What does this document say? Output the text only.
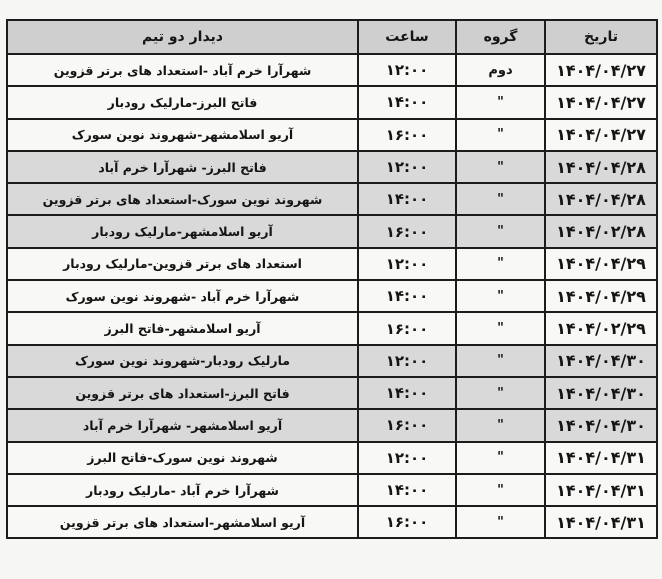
تاریخ	گروه	ساعت	دیدار دو تیم
۱۴۰۴/۰۴/۲۷	دوم	۱۲:۰۰	شهرآرا خرم آباد -استعداد های برتر قزوین
۱۴۰۴/۰۴/۲۷	"	۱۴:۰۰	فاتح البرز-مارلیک رودبار
۱۴۰۴/۰۴/۲۷	"	۱۶:۰۰	آریو اسلامشهر-شهروند نوین سورک
۱۴۰۴/۰۴/۲۸	"	۱۲:۰۰	فاتح البرز- شهرآرا خرم آباد
۱۴۰۴/۰۴/۲۸	"	۱۴:۰۰	شهروند نوین سورک-استعداد های برتر قزوین
۱۴۰۴/۰۲/۲۸	"	۱۶:۰۰	آریو اسلامشهر-مارلیک رودبار
۱۴۰۴/۰۴/۲۹	"	۱۲:۰۰	استعداد های برتر قزوین-مارلیک رودبار
۱۴۰۴/۰۴/۲۹	"	۱۴:۰۰	شهرآرا خرم آباد -شهروند نوین سورک
۱۴۰۴/۰۲/۲۹	"	۱۶:۰۰	آریو اسلامشهر-فاتح البرز
۱۴۰۴/۰۴/۳۰	"	۱۲:۰۰	مارلیک رودبار-شهروند نوین سورک
۱۴۰۴/۰۴/۳۰	"	۱۴:۰۰	فاتح البرز-استعداد های برتر قزوین
۱۴۰۴/۰۴/۳۰	"	۱۶:۰۰	آریو اسلامشهر- شهرآرا خرم آباد
۱۴۰۴/۰۴/۳۱	"	۱۲:۰۰	شهروند نوین سورک-فاتح البرز
۱۴۰۴/۰۴/۳۱	"	۱۴:۰۰	شهرآرا خرم آباد -مارلیک رودبار
۱۴۰۴/۰۴/۳۱	"	۱۶:۰۰	آریو اسلامشهر-استعداد های برتر قزوین
